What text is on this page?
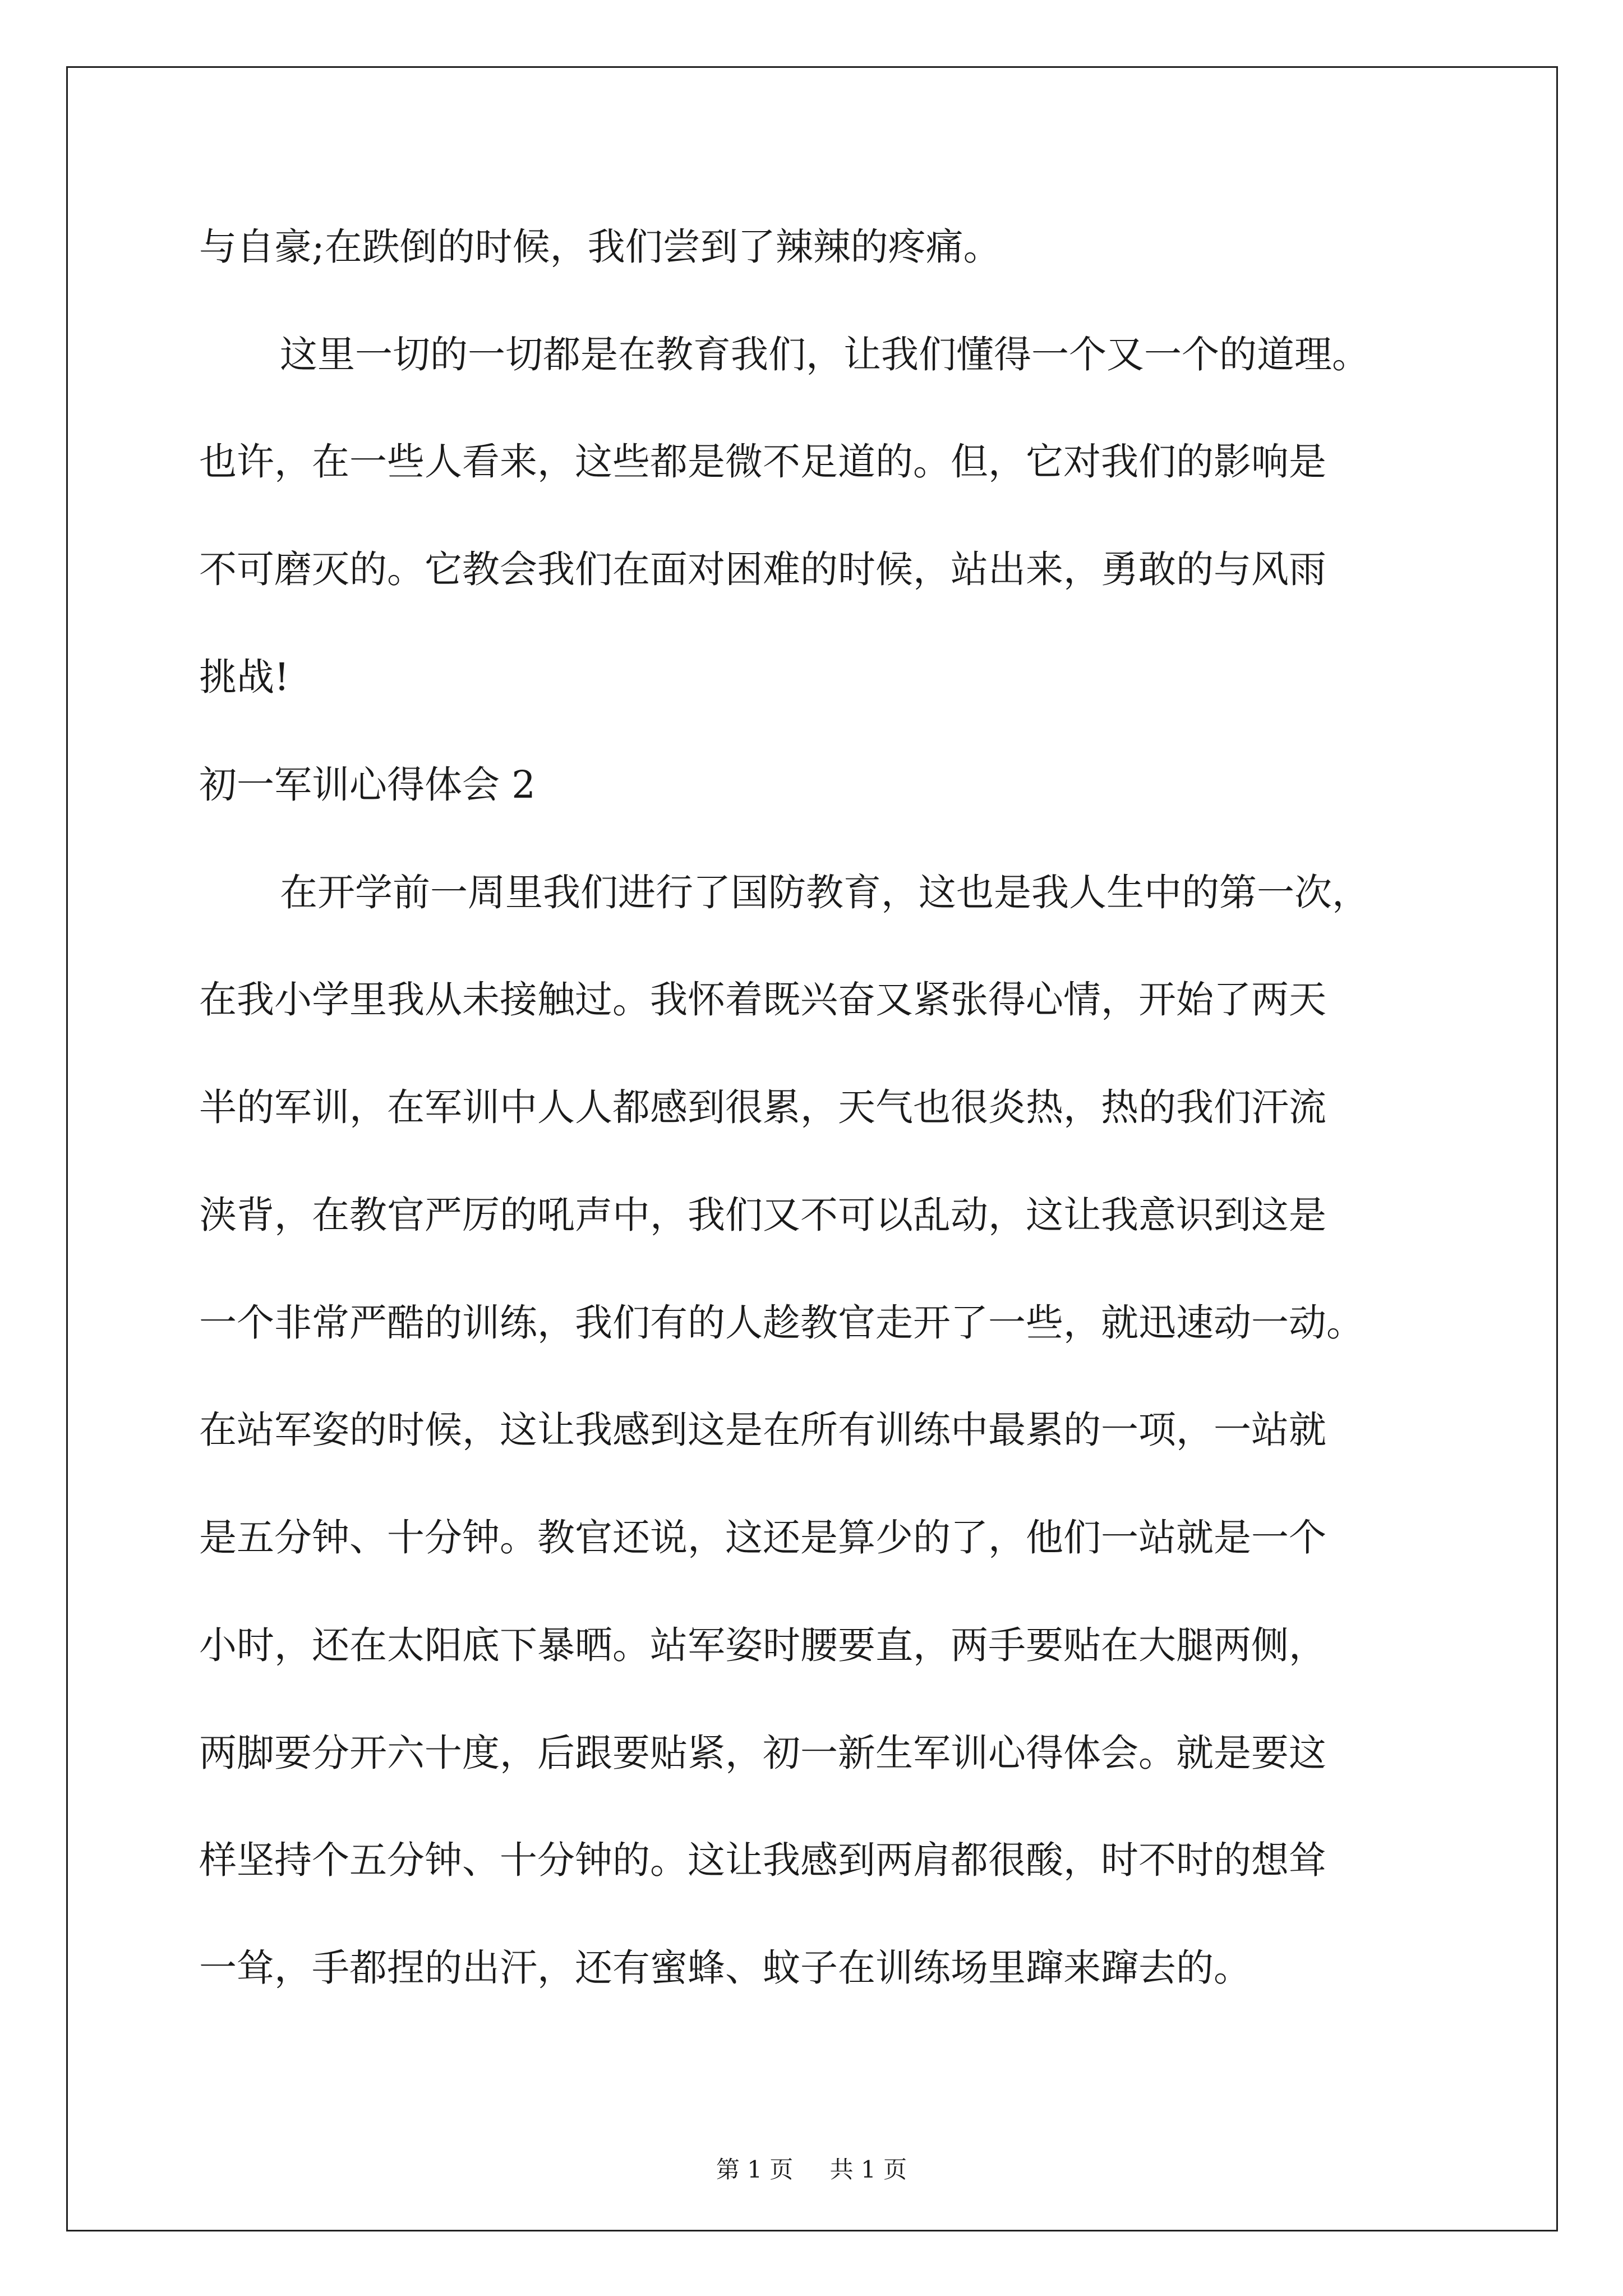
与自豪;在跌倒的时候，我们尝到了辣辣的疼痛。
这里一切的一切都是在教育我们，让我们懂得一个又一个的道理。
也许，在一些人看来，这些都是微不足道的。但，它对我们的影响是
不可磨灭的。它教会我们在面对困难的时候，站出来，勇敢的与风雨
挑战!
初一军训心得体会 2
在开学前一周里我们进行了国防教育，这也是我人生中的第一次，
在我小学里我从未接触过。我怀着既兴奋又紧张得心情，开始了两天
半的军训，在军训中人人都感到很累，天气也很炎热，热的我们汗流
浃背，在教官严厉的吼声中，我们又不可以乱动，这让我意识到这是
一个非常严酷的训练，我们有的人趁教官走开了一些，就迅速动一动。
在站军姿的时候，这让我感到这是在所有训练中最累的一项，一站就
是五分钟、十分钟。教官还说，这还是算少的了，他们一站就是一个
小时，还在太阳底下暴晒。站军姿时腰要直，两手要贴在大腿两侧，
两脚要分开六十度，后跟要贴紧，初一新生军训心得体会。就是要这
样坚持个五分钟、十分钟的。这让我感到两肩都很酸，时不时的想耸
一耸，手都捏的出汗，还有蜜蜂、蚊子在训练场里蹿来蹿去的。
第 1 页 共 1 页
